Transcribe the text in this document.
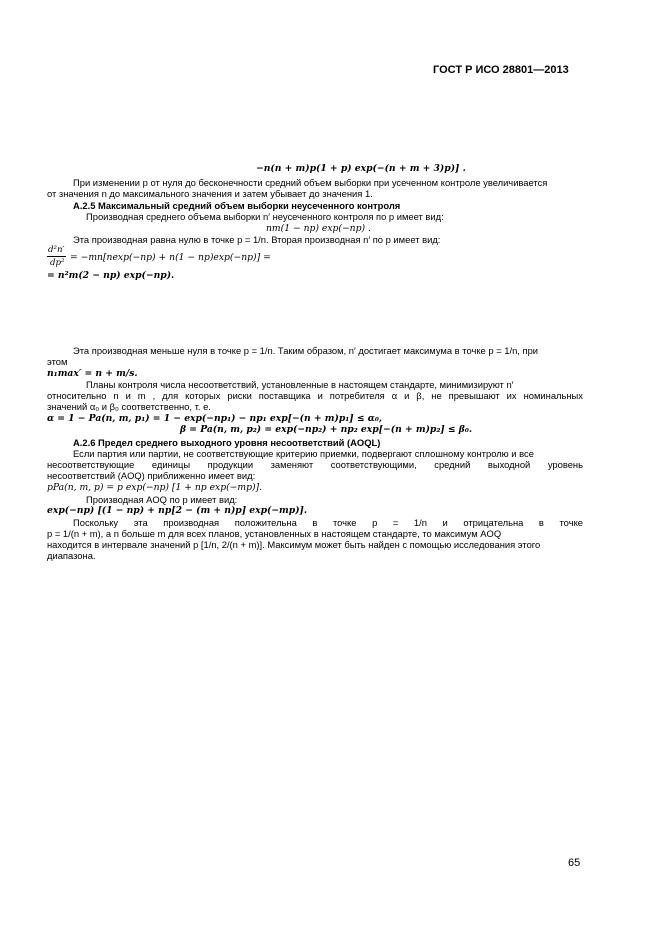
ГОСТ Р ИСО 28801—2013
−n(n + m)p(1 + p) exp(−(n + m + 3)p)] .
При изменении p от нуля до бесконечности средний объем выборки при усеченном контроле увеличивается
от значения n до максимального значения и затем убывает до значения 1.
А.2.5 Максимальный средний объем выборки неусеченного контроля
Производная среднего объема выборки n′ неусеченного контроля по p имеет вид:
nm(1 − np) exp(−np) .
Эта производная равна нулю в точке p = 1/n. Вторая производная n′ по p имеет вид:
d²n′
dp² = −mn[nexp(−np) + n(1 − np)exp(−np)] =
= n²m(2 − np) exp(−np).
Эта производная меньше нуля в точке p = 1/n. Таким образом, n′ достигает максимума в точке p = 1/n, при
этом
n₁max′ = n + m/s.
Планы контроля числа несоответствий, установленные в настоящем стандарте, минимизируют n′
относительно n и m , для которых риски поставщика и потребителя α и β, не превышают их номинальных
значений α₀ и β₀ соответственно, т. е.
α = 1 − Pa(n, m, p₁) = 1 − exp(−np₁) − np₁ exp[−(n + m)p₁] ≤ α₀,
β = Pa(n, m, p₂) = exp(−np₂) + np₂ exp[−(n + m)p₂] ≤ β₀.
А.2.6 Предел среднего выходного уровня несоответствий (AOQL)
Если партия или партии, не соответствующие критерию приемки, подвергают сплошному контролю и все
несоответствующие единицы продукции заменяют соответствующими, средний выходной уровень
несоответствий (AOQ) приближенно имеет вид:
pPa(n, m, p) = p exp(−np) [1 + np exp(−mp)].
Производная AOQ по p имеет вид:
exp(−np) [(1 − np) + np[2 − (m + n)p] exp(−mp)].
Поскольку эта производная положительна в точке p = 1/n и отрицательна в точке
p = 1/(n + m), а n больше m для всех планов, установленных в настоящем стандарте, то максимум AOQ
находится в интервале значений p [1/n, 2/(n + m)]. Максимум может быть найден с помощью исследования этого
диапазона.
65
